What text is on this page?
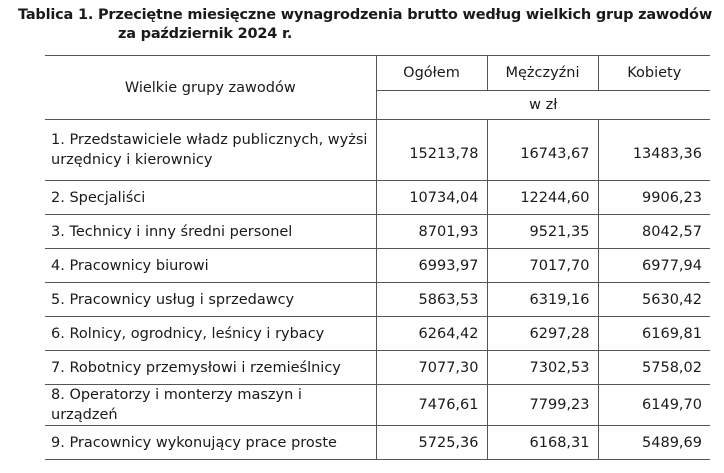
Tablica 1. Przeciętne miesięczne wynagrodzenia brutto według wielkich grup zawodów
za październik 2024 r.
Wielkie grupy zawodów	Ogółem	Mężczyźni	Kobiety
	w zł		
1. Przedstawiciele władz publicznych, wyżsi urzędnicy i kierownicy	15213,78	16743,67	13483,36
2. Specjaliści	10734,04	12244,60	9906,23
3. Technicy i inny średni personel	8701,93	9521,35	8042,57
4. Pracownicy biurowi	6993,97	7017,70	6977,94
5. Pracownicy usług i sprzedawcy	5863,53	6319,16	5630,42
6. Rolnicy, ogrodnicy, leśnicy i rybacy	6264,42	6297,28	6169,81
7. Robotnicy przemysłowi i rzemieślnicy	7077,30	7302,53	5758,02
8. Operatorzy i monterzy maszyn i urządzeń	7476,61	7799,23	6149,70
9. Pracownicy wykonujący prace proste	5725,36	6168,31	5489,69
